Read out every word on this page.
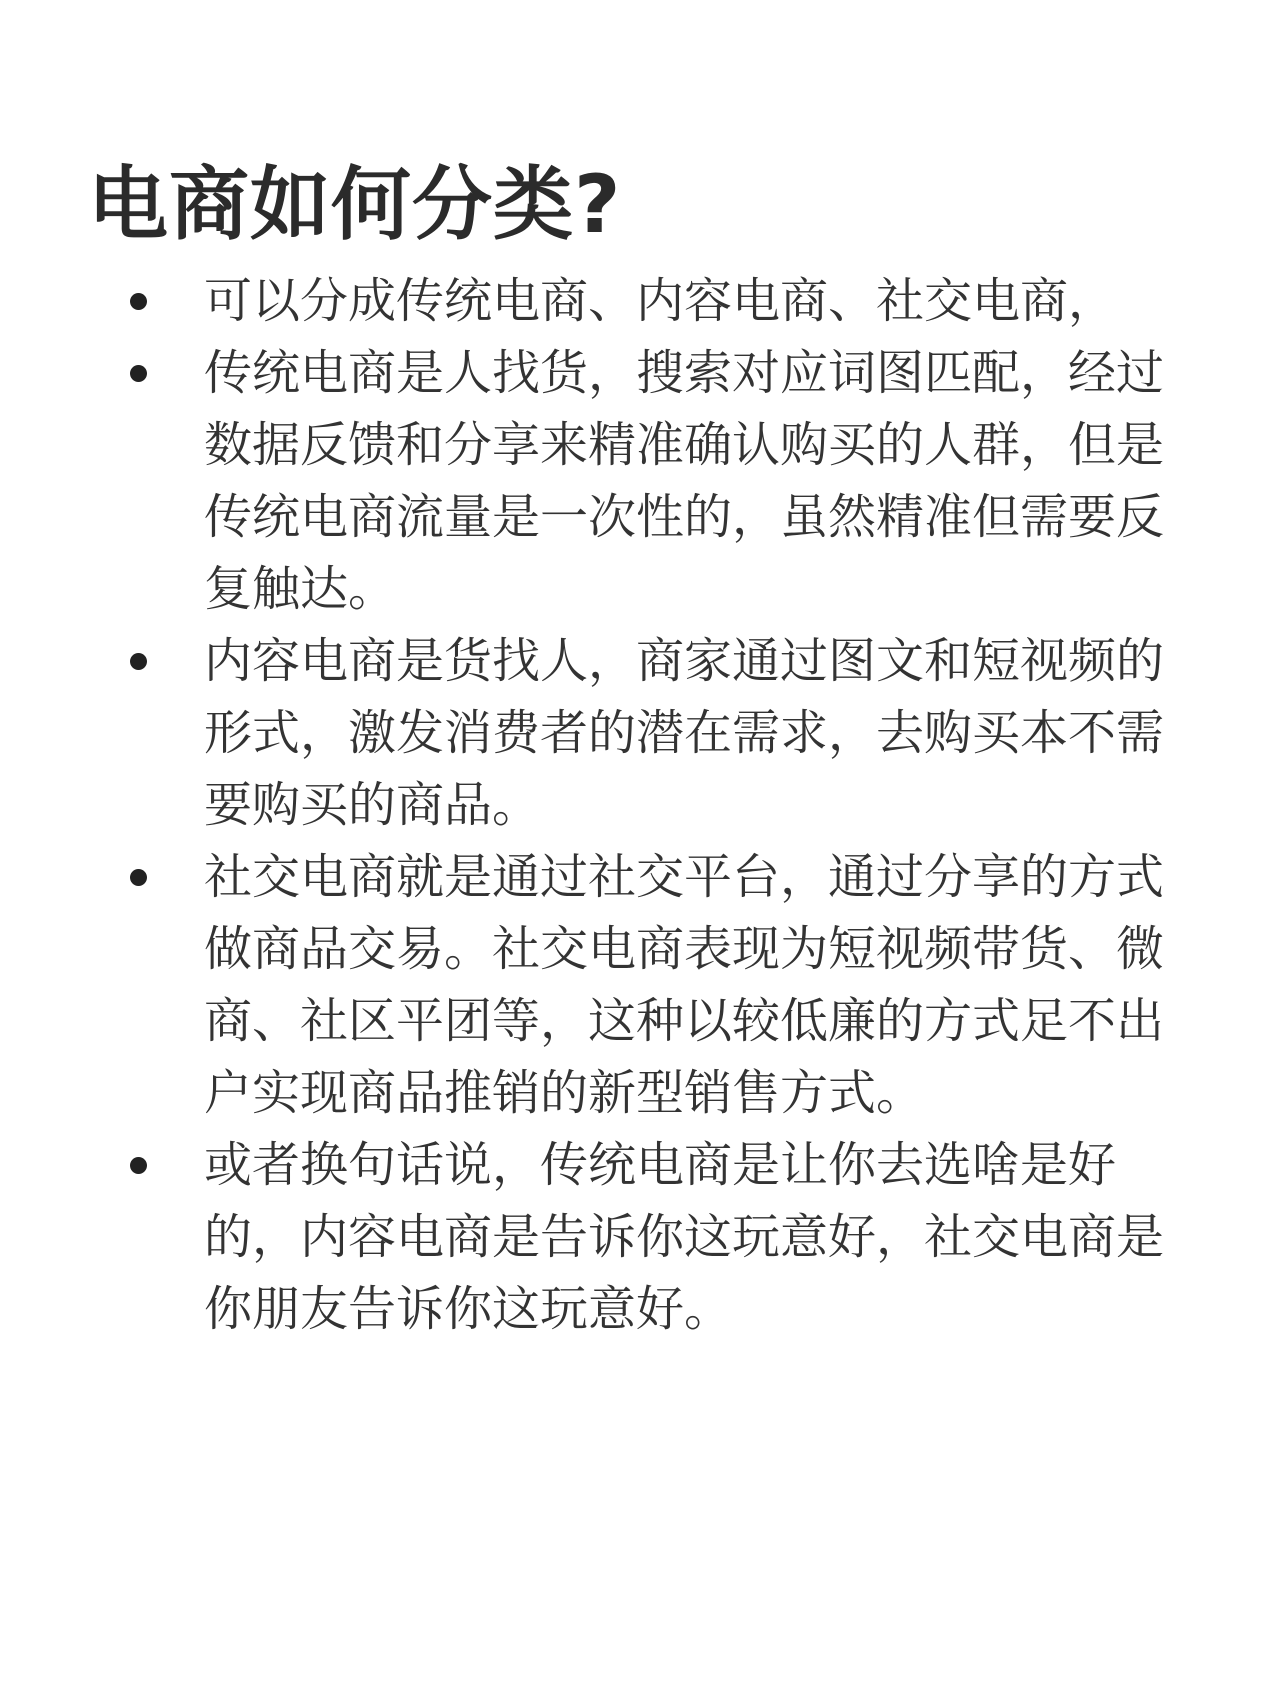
电商如何分类?
可以分成传统电商、内容电商、社交电商，
传统电商是人找货，搜索对应词图匹配，经过数据反馈和分享来精准确认购买的人群，但是传统电商流量是一次性的，虽然精准但需要反复触达。
内容电商是货找人，商家通过图文和短视频的形式，激发消费者的潜在需求，去购买本不需要购买的商品。
社交电商就是通过社交平台，通过分享的方式做商品交易。社交电商表现为短视频带货、微商、社区平团等，这种以较低廉的方式足不出户实现商品推销的新型销售方式。
或者换句话说，传统电商是让你去选啥是好的，内容电商是告诉你这玩意好，社交电商是你朋友告诉你这玩意好。
